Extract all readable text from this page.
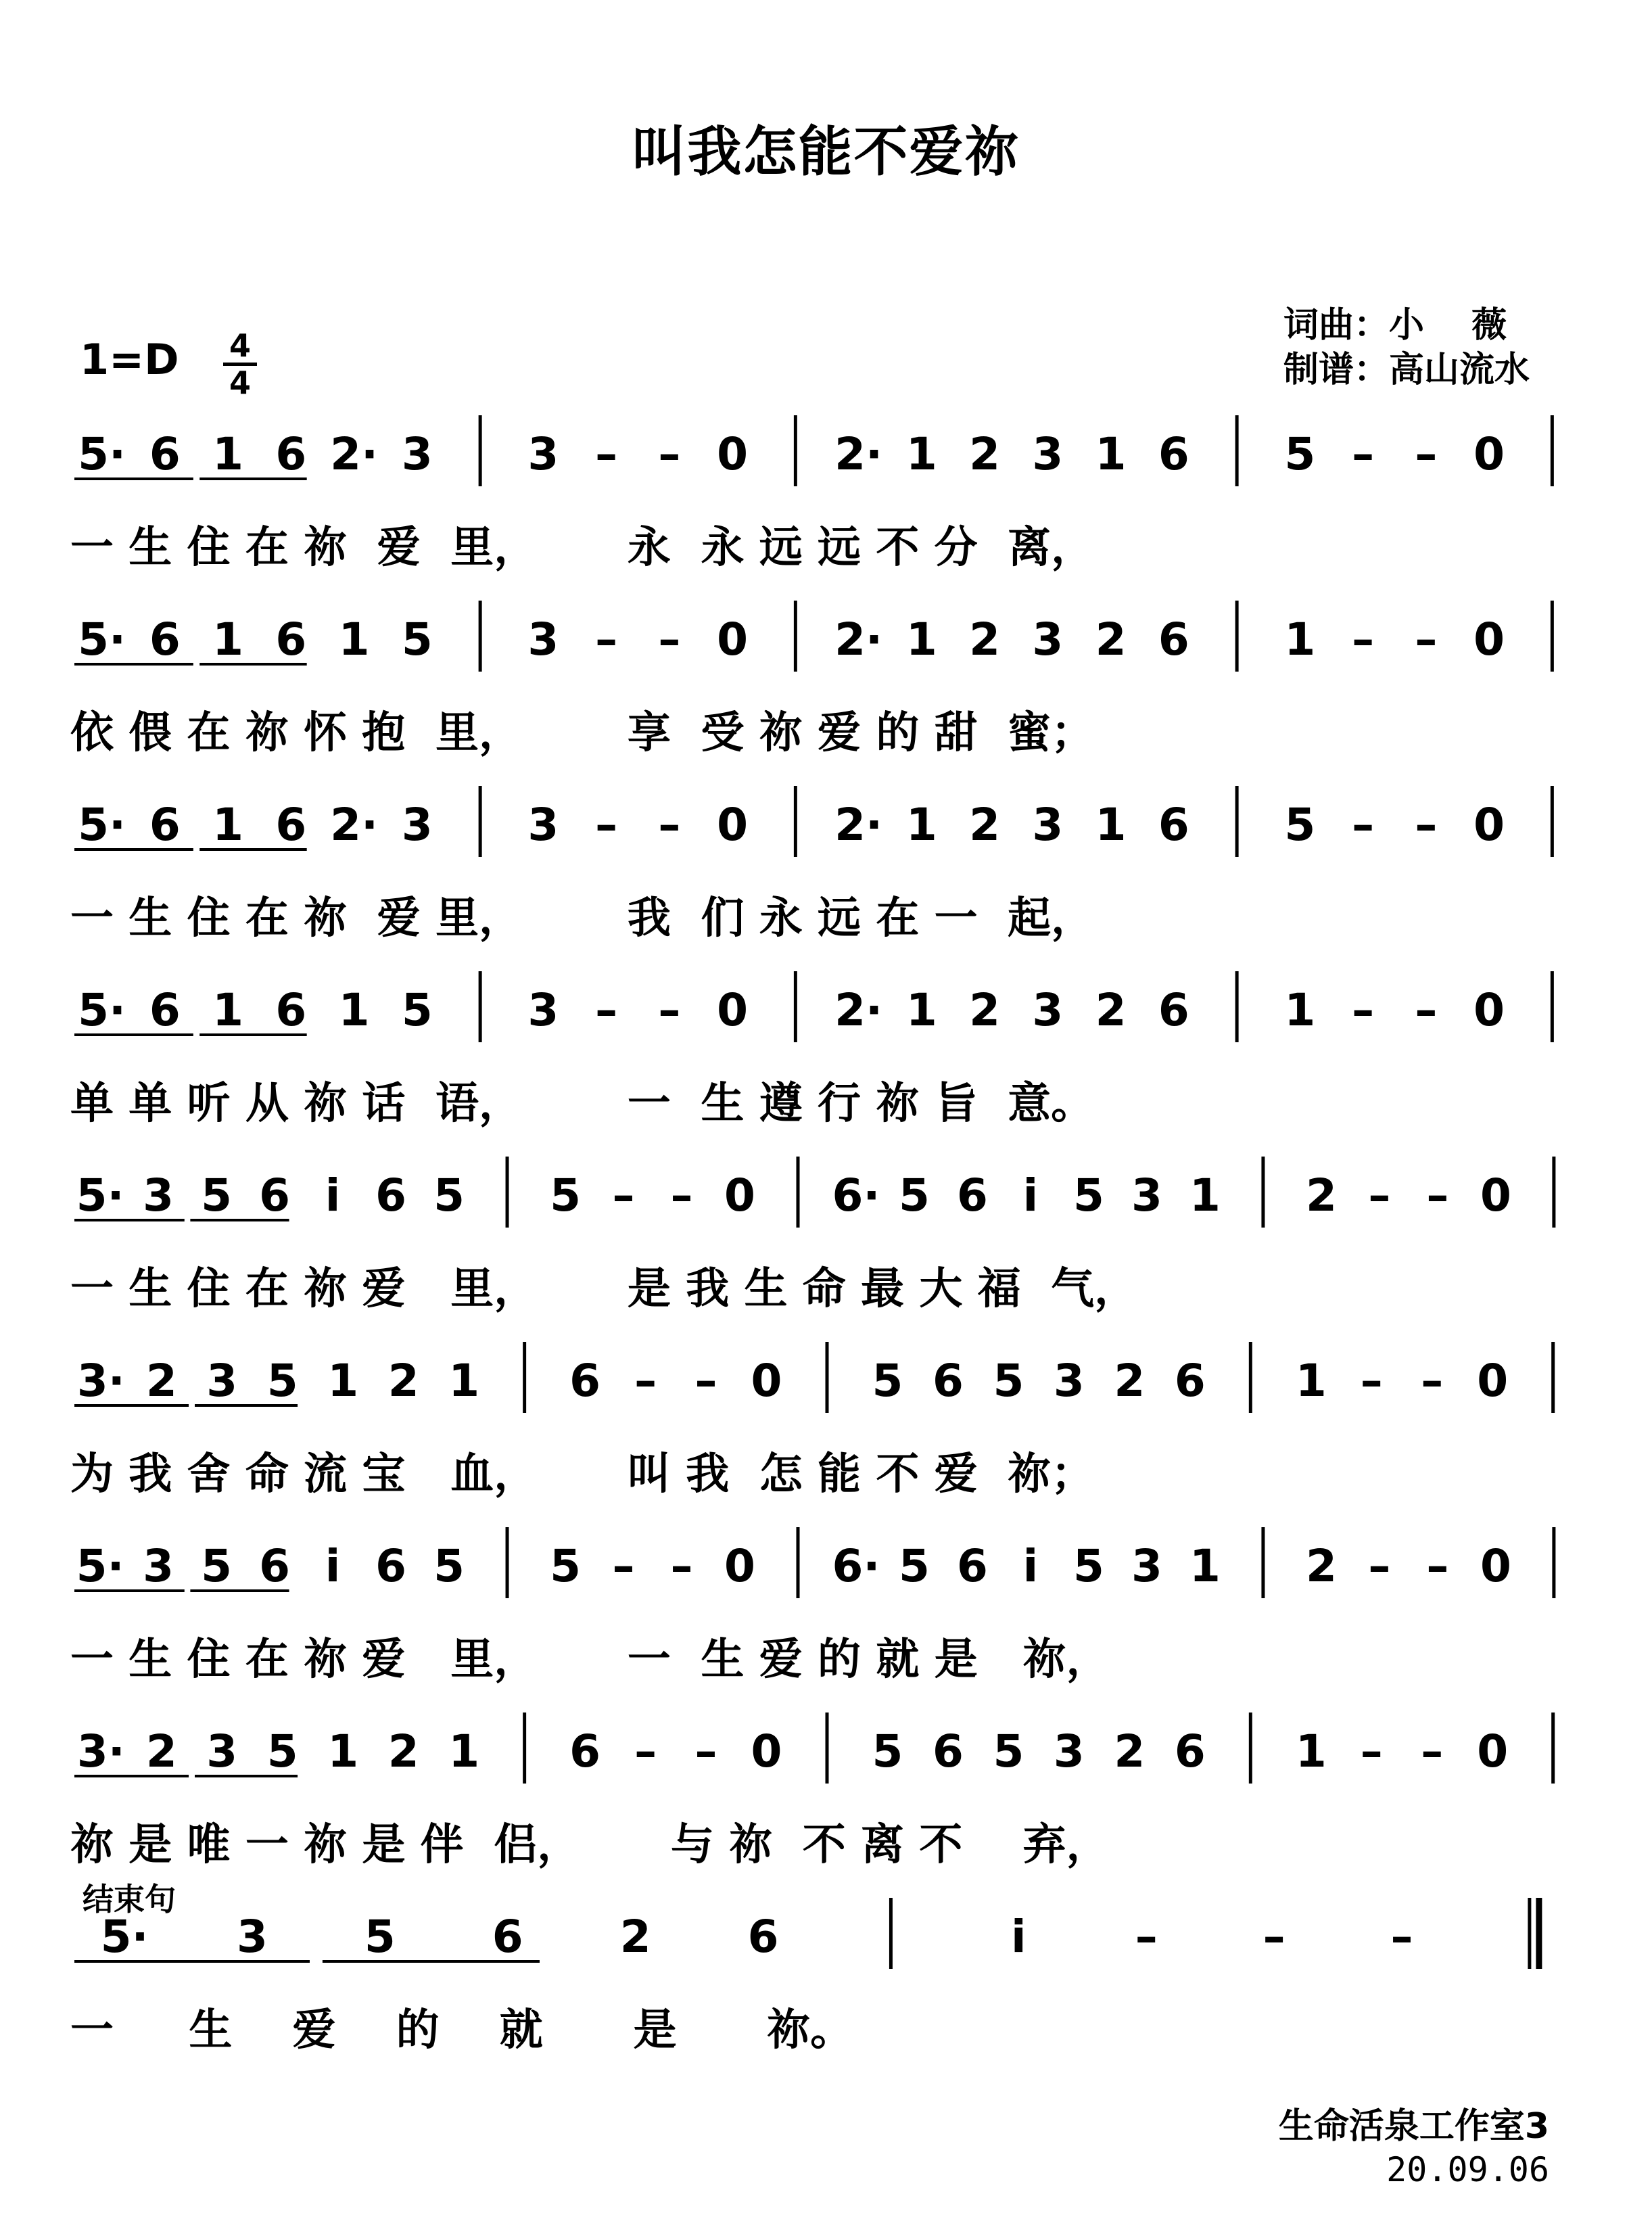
叫我怎能不爱祢
$1=D \frac{4}{4}$
词曲：小　 薇
制谱：高山流水
5· 6 1 6 2· 3 3 – – 0 2· 1 2 3 1 6 5 – – 0
5· 6 1 6 1 5 3 – – 0 2· 1 2 3 2 6 1 – – 0
5· 6 1 6 2· 3 3 – – 0 2· 1 2 3 1 6 5 – – 0
5· 6 1 6 1 5 3 – – 0 2· 1 2 3 2 6 1 – – 0
5· 3 5 6 i 6 5 5 – – 0 6· 5 6 i 5 3 1 2 – – 0
3· 2 3 5 1 2 1 6 – – 0 5 6 5 3 2 6 1 – – 0
5· 3 5 6 i 6 5 5 – – 0 6· 5 6 i 5 3 1 2 – – 0
3· 2 3 5 1 2 1 6 – – 0 5 6 5 3 2 6 1 – – 0
5· 3 5 6 2 6	i – – –
一 生 住 在 祢  爱  里，      永  永 远 远 不 分  离，
依 偎 在 祢 怀 抱  里，       享  受 祢 爱 的 甜  蜜；
一 生 住 在 祢  爱 里，       我  们 永 远 在 一  起，
单 单 听 从 祢 话  语，       一  生 遵 行 祢 旨  意。
一 生 住 在 祢 爱   里，      是 我 生 命 最 大 福  气，
为 我 舍 命 流 宝   血，      叫 我  怎 能 不 爱  祢；
一 生 住 在 祢 爱   里，      一  生 爱 的 就 是   祢，
祢 是 唯 一 祢 是 伴  侣，      与 祢  不 离 不    弃，
结束句
一     生    爱    的    就      是      祢。
生命活泉工作室3
20.09.06
